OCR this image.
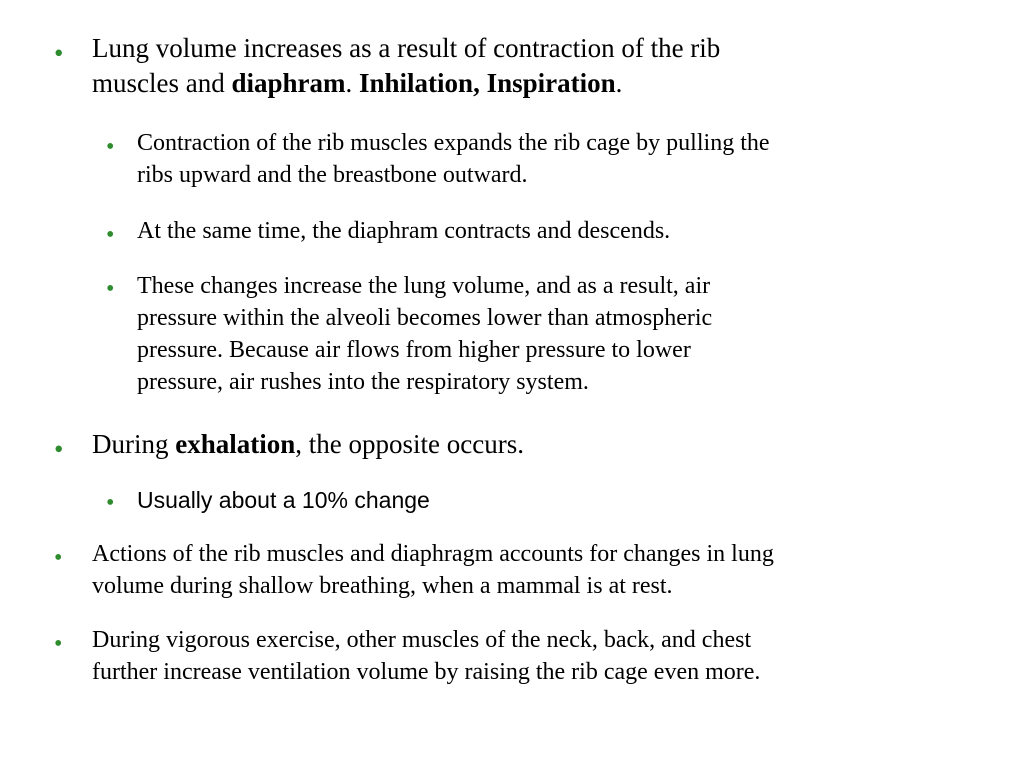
• Lung volume increases as a result of contraction of the rib
muscles and diaphram. Inhilation, Inspiration.

• Contraction of the rib muscles expands the rib cage by pulling the
ribs upward and the breastbone outward.

• At the same time, the diaphram contracts and descends.

• These changes increase the lung volume, and as a result, air
pressure within the alveoli becomes lower than atmospheric
pressure. Because air flows from higher pressure to lower
pressure, air rushes into the respiratory system.

• During exhalation, the opposite occurs.

• Usually about a 10% change

• Actions of the rib muscles and diaphragm accounts for changes in lung
volume during shallow breathing, when a mammal is at rest.

• During vigorous exercise, other muscles of the neck, back, and chest
further increase ventilation volume by raising the rib cage even more.
